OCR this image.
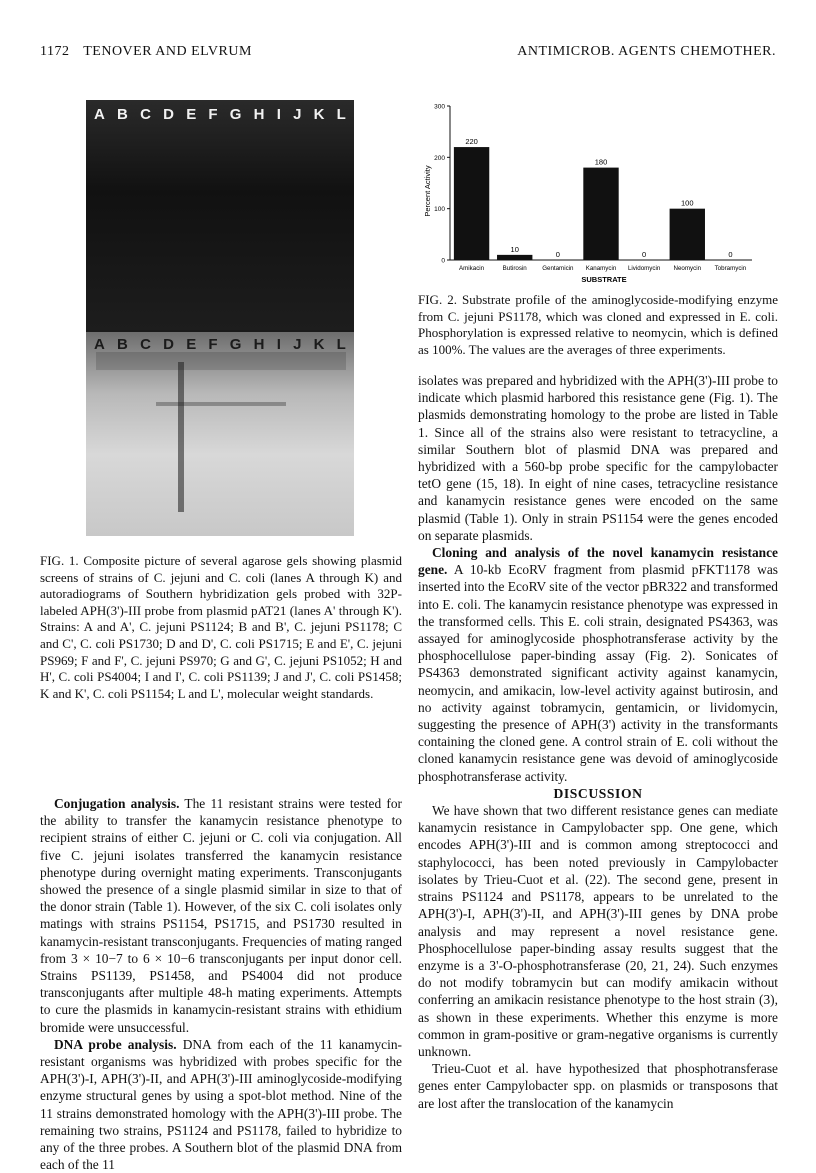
1172 TENOVER AND ELVRUM	ANTIMICROB. AGENTS CHEMOTHER.
A B C D E F G H I J K L
A B C D E F G H I J K L
FIG. 1. Composite picture of several agarose gels showing plasmid screens of strains of C. jejuni and C. coli (lanes A through K) and autoradiograms of Southern hybridization gels probed with 32P-labeled APH(3')-III probe from plasmid pAT21 (lanes A' through K'). Strains: A and A', C. jejuni PS1124; B and B', C. jejuni PS1178; C and C', C. coli PS1730; D and D', C. coli PS1715; E and E', C. jejuni PS969; F and F', C. jejuni PS970; G and G', C. jejuni PS1052; H and H', C. coli PS4004; I and I', C. coli PS1139; J and J', C. coli PS1458; K and K', C. coli PS1154; L and L', molecular weight standards.

Conjugation analysis. The 11 resistant strains were tested for the ability to transfer the kanamycin resistance phenotype to recipient strains of either C. jejuni or C. coli via conjugation. All five C. jejuni isolates transferred the kanamycin resistance phenotype during overnight mating experiments. Transconjugants showed the presence of a single plasmid similar in size to that of the donor strain (Table 1). However, of the six C. coli isolates only matings with strains PS1154, PS1715, and PS1730 resulted in kanamycin-resistant transconjugants. Frequencies of mating ranged from 3 × 10−7 to 6 × 10−6 transconjugants per input donor cell. Strains PS1139, PS1458, and PS4004 did not produce transconjugants after multiple 48-h mating experiments. Attempts to cure the plasmids in kanamycin-resistant strains with ethidium bromide were unsuccessful.

DNA probe analysis. DNA from each of the 11 kanamycin-resistant organisms was hybridized with probes specific for the APH(3')-I, APH(3')-II, and APH(3')-III aminoglycoside-modifying enzyme structural genes by using a spot-blot method. Nine of the 11 strains demonstrated homology with the APH(3')-III probe. The remaining two strains, PS1124 and PS1178, failed to hybridize to any of the three probes. A Southern blot of the plasmid DNA from each of the 11

Percent Activity
SUBSTRATE
0
100
200
300
220
Amikacin
10
Butirosin
0
Gentamicin
180
Kanamycin
0
Lividomycin
100
Neomycin
0
Tobramycin
FIG. 2. Substrate profile of the aminoglycoside-modifying enzyme from C. jejuni PS1178, which was cloned and expressed in E. coli. Phosphorylation is expressed relative to neomycin, which is defined as 100%. The values are the averages of three experiments.

isolates was prepared and hybridized with the APH(3')-III probe to indicate which plasmid harbored this resistance gene (Fig. 1). The plasmids demonstrating homology to the probe are listed in Table 1. Since all of the strains also were resistant to tetracycline, a similar Southern blot of plasmid DNA was prepared and hybridized with a 560-bp probe specific for the campylobacter tetO gene (15, 18). In eight of nine cases, tetracycline resistance and kanamycin resistance genes were encoded on the same plasmid (Table 1). Only in strain PS1154 were the genes encoded on separate plasmids.

Cloning and analysis of the novel kanamycin resistance gene. A 10-kb EcoRV fragment from plasmid pFKT1178 was inserted into the EcoRV site of the vector pBR322 and transformed into E. coli. The kanamycin resistance phenotype was expressed in the transformed cells. This E. coli strain, designated PS4363, was assayed for aminoglycoside phosphotransferase activity by the phosphocellulose paper-binding assay (Fig. 2). Sonicates of PS4363 demonstrated significant activity against kanamycin, neomycin, and amikacin, low-level activity against butirosin, and no activity against tobramycin, gentamicin, or lividomycin, suggesting the presence of APH(3') activity in the transformants containing the cloned gene. A control strain of E. coli without the cloned kanamycin resistance gene was devoid of aminoglycoside phosphotransferase activity.

DISCUSSION

We have shown that two different resistance genes can mediate kanamycin resistance in Campylobacter spp. One gene, which encodes APH(3')-III and is common among streptococci and staphylococci, has been noted previously in Campylobacter isolates by Trieu-Cuot et al. (22). The second gene, present in strains PS1124 and PS1178, appears to be unrelated to the APH(3')-I, APH(3')-II, and APH(3')-III genes by DNA probe analysis and may represent a novel resistance gene. Phosphocellulose paper-binding assay results suggest that the enzyme is a 3'-O-phosphotransferase (20, 21, 24). Such enzymes do not modify tobramycin but can modify amikacin without conferring an amikacin resistance phenotype to the host strain (3), as shown in these experiments. Whether this enzyme is more common in gram-positive or gram-negative organisms is currently unknown.

Trieu-Cuot et al. have hypothesized that phosphotransferase genes enter Campylobacter spp. on plasmids or transposons that are lost after the translocation of the kanamycin
